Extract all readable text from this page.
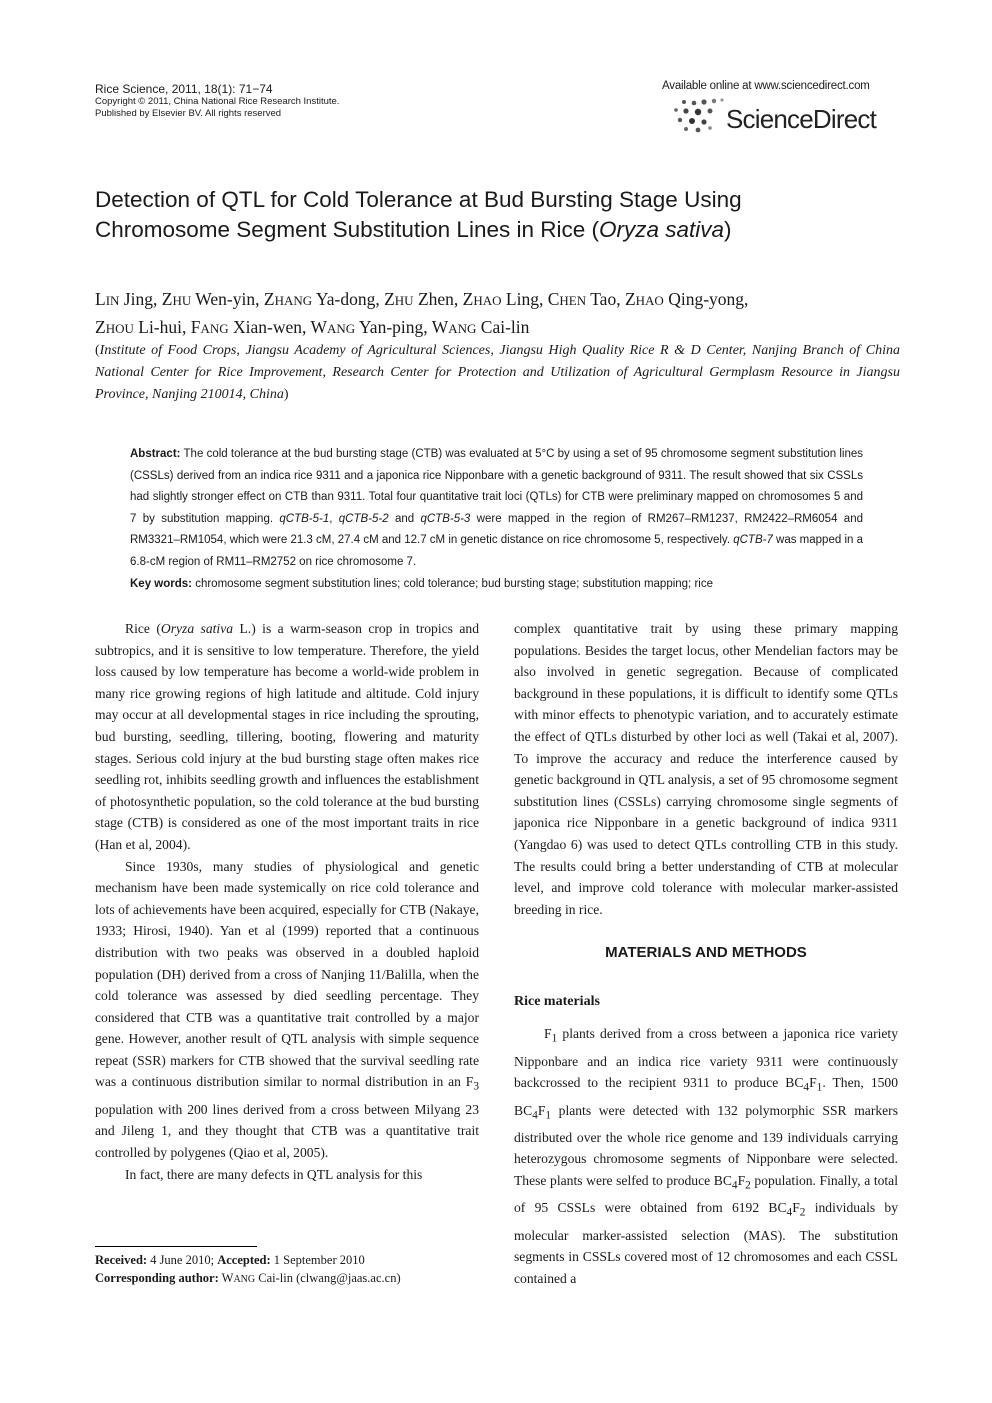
Rice Science, 2011, 18(1): 71−74
Copyright © 2011, China National Rice Research Institute.
Published by Elsevier BV. All rights reserved
Available online at www.sciencedirect.com
ScienceDirect
Detection of QTL for Cold Tolerance at Bud Bursting Stage Using
Chromosome Segment Substitution Lines in Rice (Oryza sativa)
LIN Jing, ZHU Wen-yin, ZHANG Ya-dong, ZHU Zhen, ZHAO Ling, CHEN Tao, ZHAO Qing-yong,
ZHOU Li-hui, FANG Xian-wen, WANG Yan-ping, WANG Cai-lin
(Institute of Food Crops, Jiangsu Academy of Agricultural Sciences, Jiangsu High Quality Rice R & D Center, Nanjing Branch of China National Center for Rice Improvement, Research Center for Protection and Utilization of Agricultural Germplasm Resource in Jiangsu Province, Nanjing 210014, China)
Abstract: The cold tolerance at the bud bursting stage (CTB) was evaluated at 5°C by using a set of 95 chromosome segment substitution lines (CSSLs) derived from an indica rice 9311 and a japonica rice Nipponbare with a genetic background of 9311. The result showed that six CSSLs had slightly stronger effect on CTB than 9311. Total four quantitative trait loci (QTLs) for CTB were preliminary mapped on chromosomes 5 and 7 by substitution mapping. qCTB-5-1, qCTB-5-2 and qCTB-5-3 were mapped in the region of RM267–RM1237, RM2422–RM6054 and RM3321–RM1054, which were 21.3 cM, 27.4 cM and 12.7 cM in genetic distance on rice chromosome 5, respectively. qCTB-7 was mapped in a 6.8-cM region of RM11–RM2752 on rice chromosome 7.
Key words: chromosome segment substitution lines; cold tolerance; bud bursting stage; substitution mapping; rice

Rice (Oryza sativa L.) is a warm-season crop in tropics and subtropics, and it is sensitive to low temperature. Therefore, the yield loss caused by low temperature has become a world-wide problem in many rice growing regions of high latitude and altitude. Cold injury may occur at all developmental stages in rice including the sprouting, bud bursting, seedling, tillering, booting, flowering and maturity stages. Serious cold injury at the bud bursting stage often makes rice seedling rot, inhibits seedling growth and influences the establishment of photosynthetic population, so the cold tolerance at the bud bursting stage (CTB) is considered as one of the most important traits in rice (Han et al, 2004).

Since 1930s, many studies of physiological and genetic mechanism have been made systemically on rice cold tolerance and lots of achievements have been acquired, especially for CTB (Nakaye, 1933; Hirosi, 1940). Yan et al (1999) reported that a continuous distribution with two peaks was observed in a doubled haploid population (DH) derived from a cross of Nanjing 11/Balilla, when the cold tolerance was assessed by died seedling percentage. They considered that CTB was a quantitative trait controlled by a major gene. However, another result of QTL analysis with simple sequence repeat (SSR) markers for CTB showed that the survival seedling rate was a continuous distribution similar to normal distribution in an $F_3$ population with 200 lines derived from a cross between Milyang 23 and Jileng 1, and they thought that CTB was a quantitative trait controlled by polygenes (Qiao et al, 2005).

In fact, there are many defects in QTL analysis for this

complex quantitative trait by using these primary mapping populations. Besides the target locus, other Mendelian factors may be also involved in genetic segregation. Because of complicated background in these populations, it is difficult to identify some QTLs with minor effects to phenotypic variation, and to accurately estimate the effect of QTLs disturbed by other loci as well (Takai et al, 2007). To improve the accuracy and reduce the interference caused by genetic background in QTL analysis, a set of 95 chromosome segment substitution lines (CSSLs) carrying chromosome single segments of japonica rice Nipponbare in a genetic background of indica 9311 (Yangdao 6) was used to detect QTLs controlling CTB in this study. The results could bring a better understanding of CTB at molecular level, and improve cold tolerance with molecular marker-assisted breeding in rice.

MATERIALS AND METHODS
Rice materials

$F_1$ plants derived from a cross between a japonica rice variety Nipponbare and an indica rice variety 9311 were continuously backcrossed to the recipient 9311 to produce $BC_4F_1$. Then, 1500 $BC_4F_1$ plants were detected with 132 polymorphic SSR markers distributed over the whole rice genome and 139 individuals carrying heterozygous chromosome segments of Nipponbare were selected. These plants were selfed to produce $BC_4F_2$ population. Finally, a total of 95 CSSLs were obtained from 6192 $BC_4F_2$ individuals by molecular marker-assisted selection (MAS). The substitution segments in CSSLs covered most of 12 chromosomes and each CSSL contained a

Received: 4 June 2010; Accepted: 1 September 2010
Corresponding author: WANG Cai-lin (clwang@jaas.ac.cn)
